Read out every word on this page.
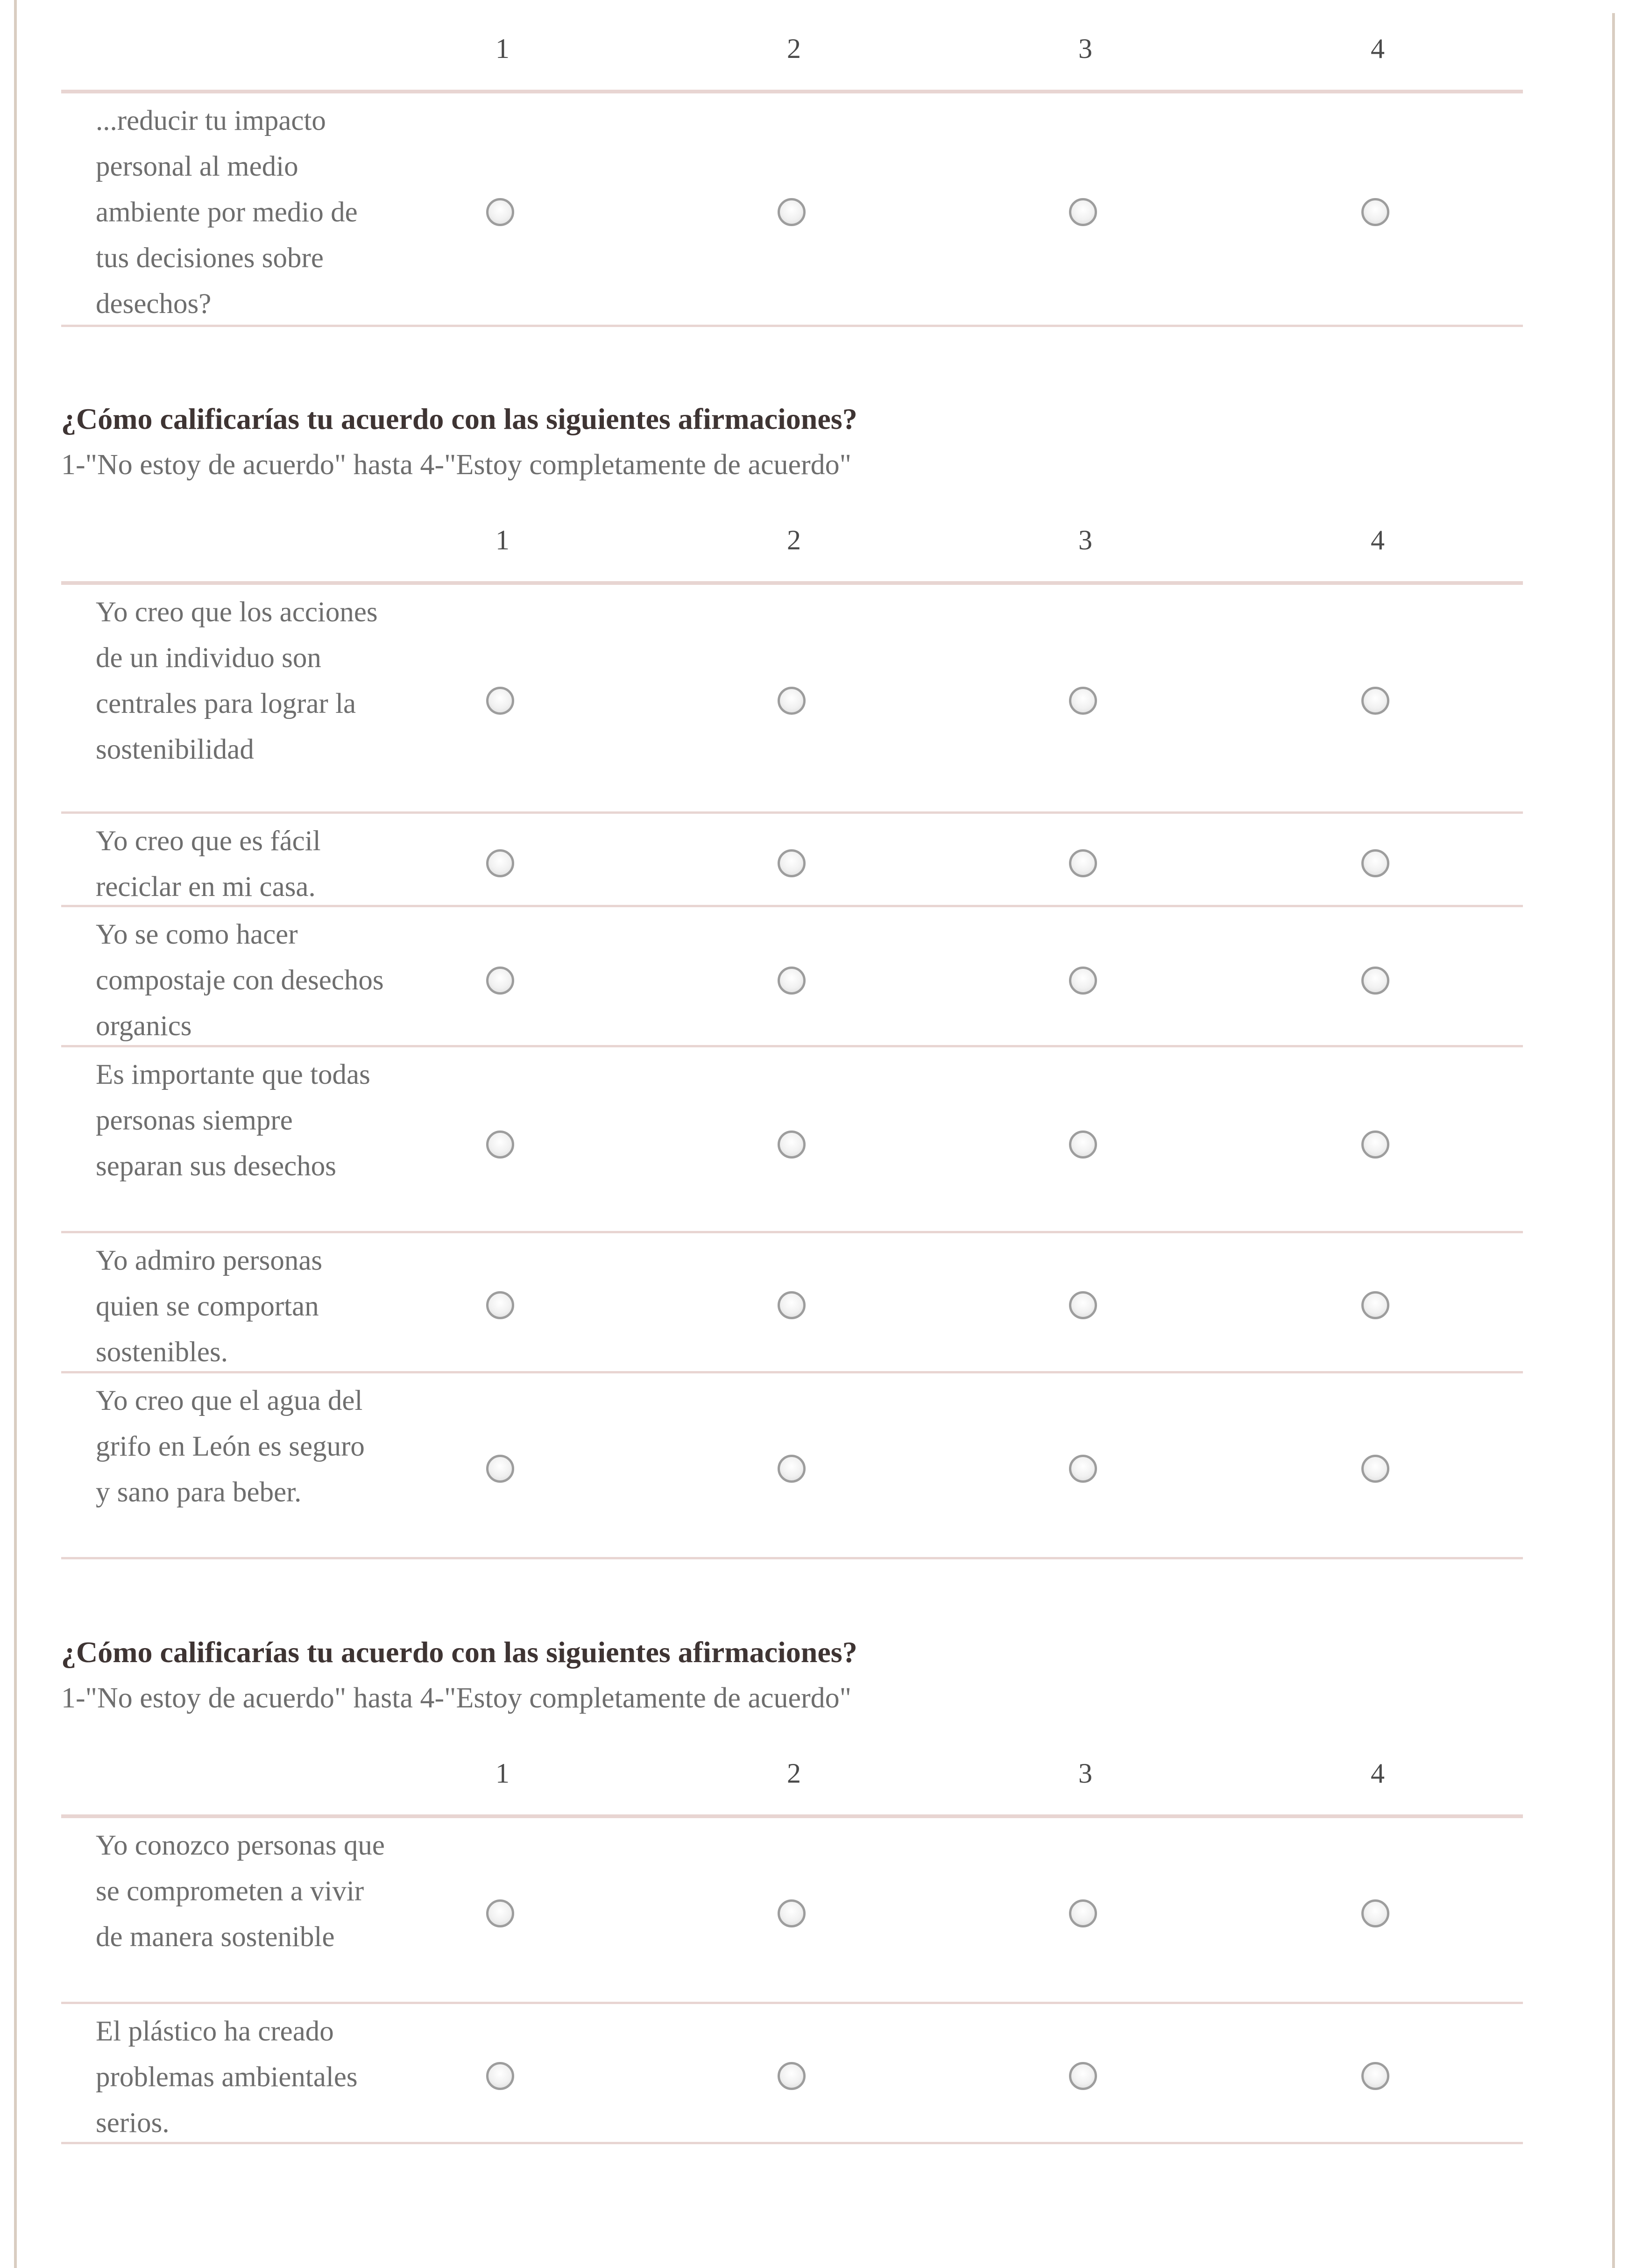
1	2	3	4
...reducir tu impacto personal al medio ambiente por medio de tus decisiones sobre desechos?
¿Cómo calificarías tu acuerdo con las siguientes afirmaciones?
1-"No estoy de acuerdo" hasta 4-"Estoy completamente de acuerdo"
1	2	3	4
Yo creo que los acciones de un individuo son centrales para lograr la sostenibilidad
Yo creo que es fácil reciclar en mi casa.
Yo se como hacer compostaje con desechos organics
Es importante que todas personas siempre separan sus desechos
Yo admiro personas quien se comportan sostenibles.
Yo creo que el agua del grifo en León es seguro y sano para beber.
¿Cómo calificarías tu acuerdo con las siguientes afirmaciones?
1-"No estoy de acuerdo" hasta 4-"Estoy completamente de acuerdo"
1	2	3	4
Yo conozco personas que se comprometen a vivir de manera sostenible
El plástico ha creado problemas ambientales serios.
